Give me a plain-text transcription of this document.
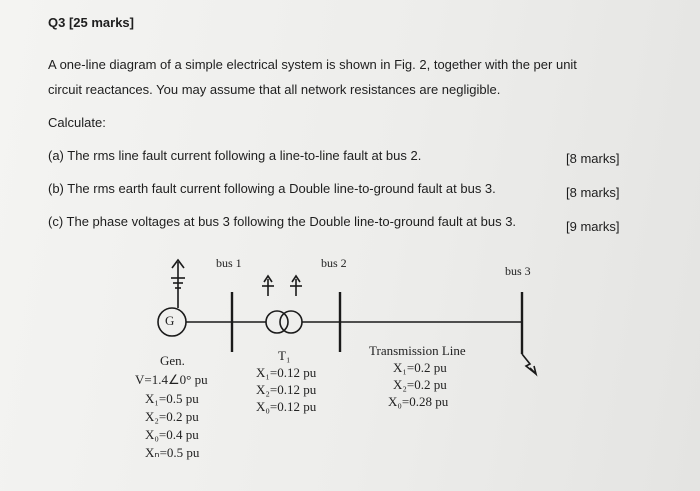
Q3 [25 marks]
A one-line diagram of a simple electrical system is shown in Fig. 2, together with the per unit
circuit reactances. You may assume that all network resistances are negligible.
Calculate:
(a) The rms line fault current following a line-to-line fault at bus 2.	[8 marks]
(b) The rms earth fault current following a Double line-to-ground fault at bus 3.	[8 marks]
(c) The phase voltages at bus 3 following the Double line-to-ground fault at bus 3.	[9 marks]
G
bus 1	bus 2
bus 3
Gen.
V=1.4∠0° pu
X₁=0.5 pu
X₂=0.2 pu
X₀=0.4 pu
Xₙ=0.5 pu
T₁
X₁=0.12 pu
X₂=0.12 pu
X₀=0.12 pu
Transmission Line
X₁=0.2 pu
X₂=0.2 pu
X₀=0.28 pu
